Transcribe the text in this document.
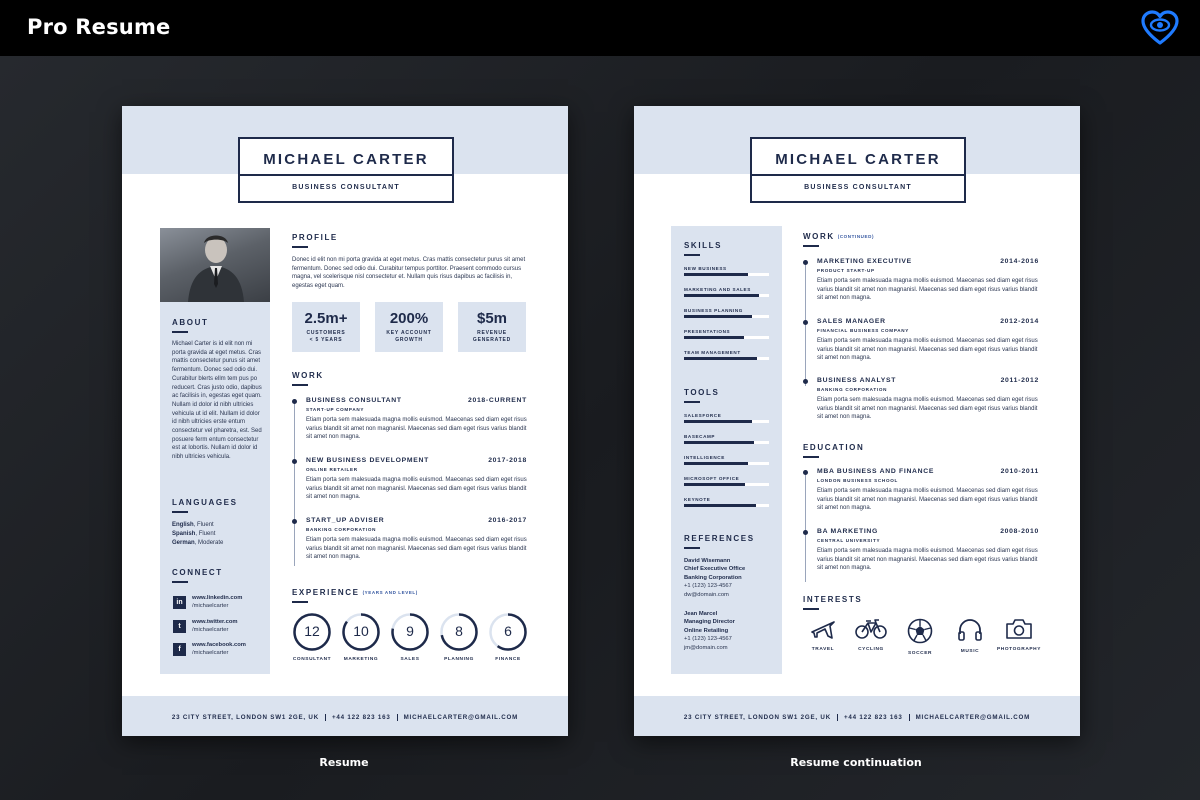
Pro Resume
MICHAEL CARTER
BUSINESS CONSULTANT
ABOUT
Michael Carter is id elit non mi porta gravida at eget metus. Cras mattis consectetur purus sit amet fermentum. Donec sed odio dui. Curabitur blerts ellm tem pus po reducert. Cras justo odio, dapibus ac facilisis in, egestas eget quam. Nullam id dolor id nibh ultricies vehicula ut id elit. Nullam id dolor id nibh ultricies erste entum consectetur vel pharetra, est. Sed posuere ferm entum consectetur est at lobortis. Nullam id dolor id nibh ultricies vehicula.
LANGUAGES
English, Fluent
Spanish, Fluent
German, Moderate
CONNECT
in
www.linkedin.com
/michaelcarter
t
www.twitter.com
/michaelcarter
f
www.facebook.com
/michaelcarter
PROFILE
Donec id elit non mi porta gravida at eget metus. Cras mattis consectetur purus sit amet fermentum. Donec sed odio dui. Curabitur tempus porttitor. Praesent commodo cursus magna, vel scelerisque nisl consectetur et. Nullam quis risus dapibus ac facilisis in, egestas eget quam.
2.5m+
CUSTOMERS
< 5 YEARS
200%
KEY ACCOUNT
GROWTH
$5m
REVENUE
GENERATED
WORK
BUSINESS CONSULTANT	2018-CURRENT
START-UP COMPANY
Etiam porta sem malesuada magna mollis euismod. Maecenas sed diam eget risus varius blandit sit amet non magnanisl. Maecenas sed diam eget risus varius blandit sit amet non magna.
NEW BUSINESS DEVELOPMENT	2017-2018
ONLINE RETAILER
Etiam porta sem malesuada magna mollis euismod. Maecenas sed diam eget risus varius blandit sit amet non magnanisl. Maecenas sed diam eget risus varius blandit sit amet non magna.
START_UP ADVISER	2016-2017
BANKING CORPORATION
Etiam porta sem malesuada magna mollis euismod. Maecenas sed diam eget risus varius blandit sit amet non magnanisl. Maecenas sed diam eget risus varius blandit sit amet non magna.
EXPERIENCE (YEARS AND LEVEL)
12
CONSULTANT
10
MARKETING
9
SALES
8
PLANNING
6
FINANCE
23 CITY STREET, LONDON SW1 2GE, UK +44 122 823 163 MICHAELCARTER@GMAIL.COM
MICHAEL CARTER
BUSINESS CONSULTANT
SKILLS
NEW BUSINESS
MARKETING AND SALES
BUSINESS PLANNING
PRESENTATIONS
TEAM MANAGEMENT
TOOLS
SALESFORCE
BASECAMP
INTELLIGENCE
MICROSOFT OFFICE
KEYNOTE
REFERENCES
David Wisemann
Chief Executive Office
Banking Corporation
+1 (123) 123-4567
dw@domain.com
Jean Marcel
Managing Director
Online Retailing
+1 (123) 123-4567
jm@domain.com
WORK (CONTINUED)
MARKETING EXECUTIVE	2014-2016
PRODUCT START-UP
Etiam porta sem malesuada magna mollis euismod. Maecenas sed diam eget risus varius blandit sit amet non magnanisl. Maecenas sed diam eget risus varius blandit sit amet non magna.
SALES MANAGER	2012-2014
FINANCIAL BUSINESS COMPANY
Etiam porta sem malesuada magna mollis euismod. Maecenas sed diam eget risus varius blandit sit amet non magnanisl. Maecenas sed diam eget risus varius blandit sit amet non magna.
BUSINESS ANALYST	2011-2012
BANKING CORPORATION
Etiam porta sem malesuada magna mollis euismod. Maecenas sed diam eget risus varius blandit sit amet non magnanisl. Maecenas sed diam eget risus varius blandit sit amet non magna.
EDUCATION
MBA BUSINESS AND FINANCE	2010-2011
LONDON BUSINESS SCHOOL
Etiam porta sem malesuada magna mollis euismod. Maecenas sed diam eget risus varius blandit sit amet non magnanisl. Maecenas sed diam eget risus varius blandit sit amet non magna.
BA MARKETING	2008-2010
CENTRAL UNIVERSITY
Etiam porta sem malesuada magna mollis euismod. Maecenas sed diam eget risus varius blandit sit amet non magnanisl. Maecenas sed diam eget risus varius blandit sit amet non magna.
INTERESTS
TRAVEL	CYCLING
SOCCER	MUSIC	PHOTOGRAPHY
23 CITY STREET, LONDON SW1 2GE, UK +44 122 823 163 MICHAELCARTER@GMAIL.COM
Resume	Resume continuation
